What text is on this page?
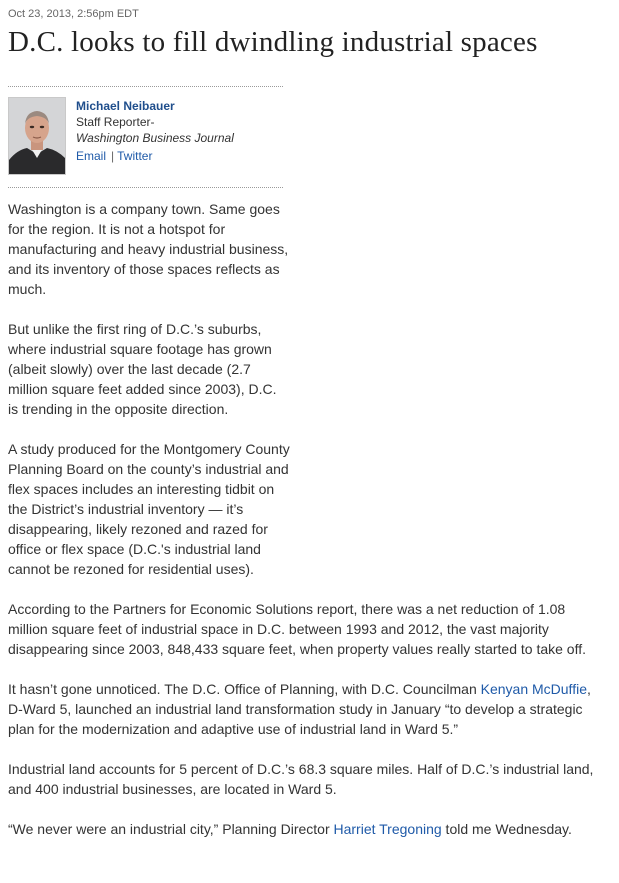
Oct 23, 2013, 2:56pm EDT
D.C. looks to fill dwindling industrial spaces
Michael Neibauer
Staff Reporter-
Washington Business Journal
Email | Twitter

Washington is a company town. Same goes for the region. It is not a hotspot for manufacturing and heavy industrial business, and its inventory of those spaces reflects as much.

But unlike the first ring of D.C.’s suburbs, where industrial square footage has grown (albeit slowly) over the last decade (2.7 million square feet added since 2003), D.C. is trending in the opposite direction.

A study produced for the Montgomery County Planning Board on the county’s industrial and flex spaces includes an interesting tidbit on the District’s industrial inventory — it’s disappearing, likely rezoned and razed for office or flex space (D.C.'s industrial land cannot be rezoned for residential uses).

According to the Partners for Economic Solutions report, there was a net reduction of 1.08 million square feet of industrial space in D.C. between 1993 and 2012, the vast majority disappearing since 2003, 848,433 square feet, when property values really started to take off.

It hasn’t gone unnoticed. The D.C. Office of Planning, with D.C. Councilman Kenyan McDuffie, D-Ward 5, launched an industrial land transformation study in January “to develop a strategic plan for the modernization and adaptive use of industrial land in Ward 5.”

Industrial land accounts for 5 percent of D.C.’s 68.3 square miles. Half of D.C.’s industrial land, and 400 industrial businesses, are located in Ward 5.

“We never were an industrial city,” Planning Director Harriet Tregoning told me Wednesday.
